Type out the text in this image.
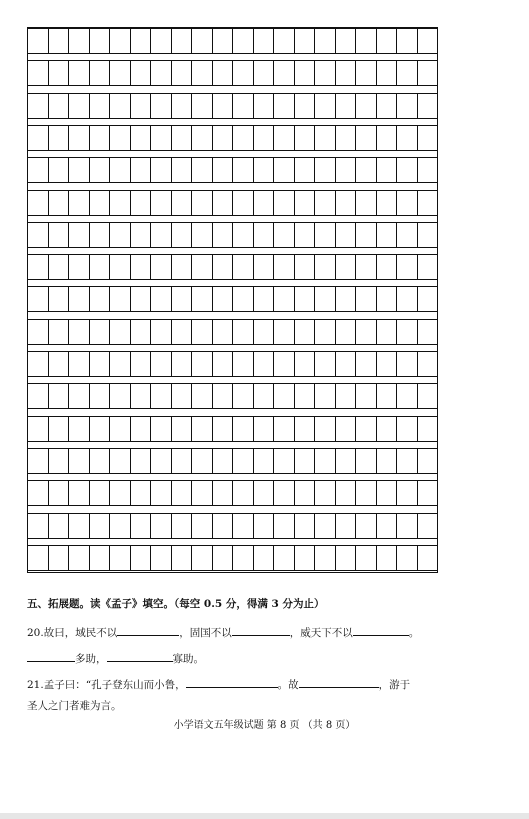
五、拓展题。读《孟子》填空。（每空 0.5 分，得满 3 分为止）
20.故曰，域民不以	，固国不以	，威天下不以	。
多助，	寡助。
21.孟子曰：“孔子登东山而小鲁，	。故	，游于
圣人之门者难为言。
小学语文五年级试题 第 8 页 （共 8 页）
